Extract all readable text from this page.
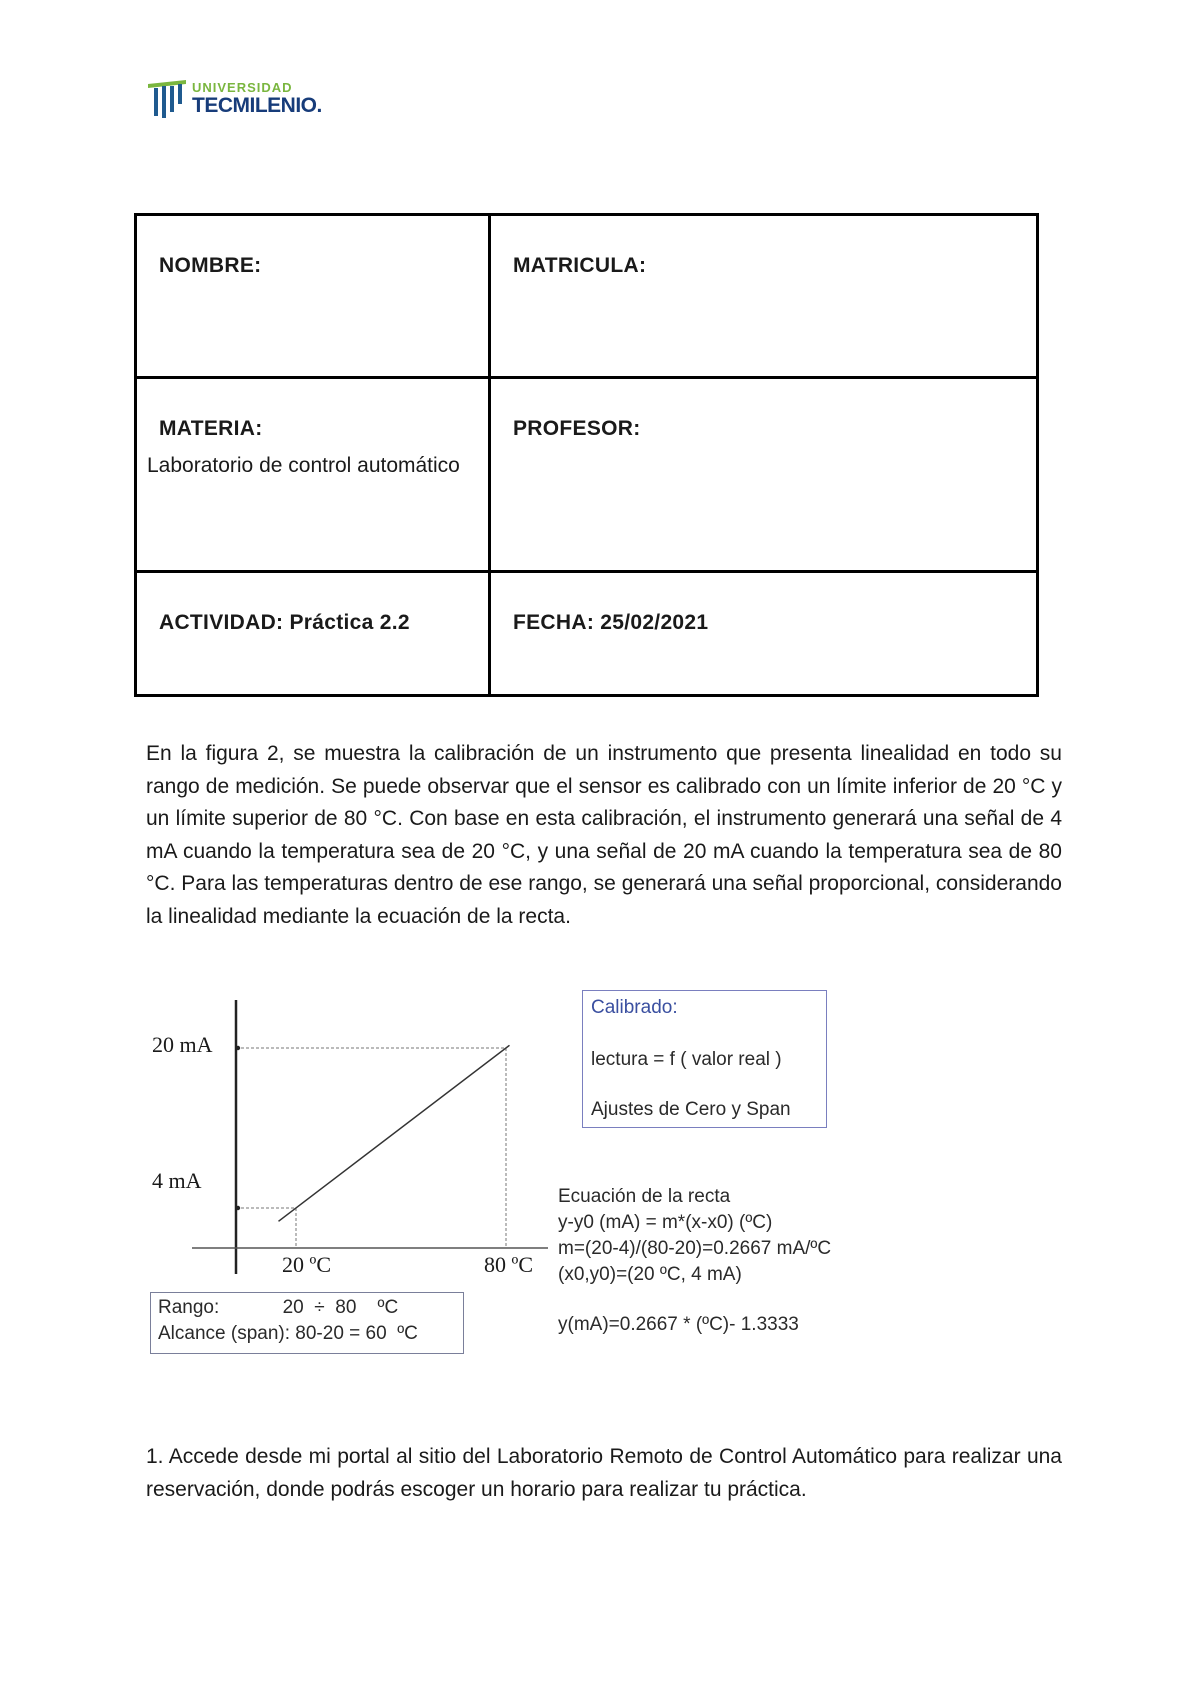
UNIVERSIDAD
TECMILENIO.
NOMBRE:	MATRICULA:

MATERIA:
Laboratorio de control automático	PROFESOR:

ACTIVIDAD: Práctica 2.2	FECHA: 25/02/2021
En la figura 2, se muestra la calibración de un instrumento que presenta linealidad en todo su rango de medición. Se puede observar que el sensor es calibrado con un límite inferior de 20 °C y un límite superior de 80 °C. Con base en esta calibración, el instrumento generará una señal de 4 mA cuando la temperatura sea de 20 °C, y una señal de 20 mA cuando la temperatura sea de 80 °C. Para las temperaturas dentro de ese rango, se generará una señal proporcional, considerando la linealidad mediante la ecuación de la recta.
20 mA
4 mA
20 ºC	80 ºC
Calibrado:
lectura = f ( valor real )
Ajustes de Cero y Span
Ecuación de la recta
y-y0 (mA) = m*(x-x0) (ºC)
m=(20-4)/(80-20)=0.2667 mA/ºC
(x0,y0)=(20 ºC, 4 mA)
y(mA)=0.2667 * (ºC)- 1.3333
Rango:            20  ÷  80    ºC
Alcance (span): 80-20 = 60  ºC
1. Accede desde mi portal al sitio del Laboratorio Remoto de Control Automático para realizar una reservación, donde podrás escoger un horario para realizar tu práctica.
